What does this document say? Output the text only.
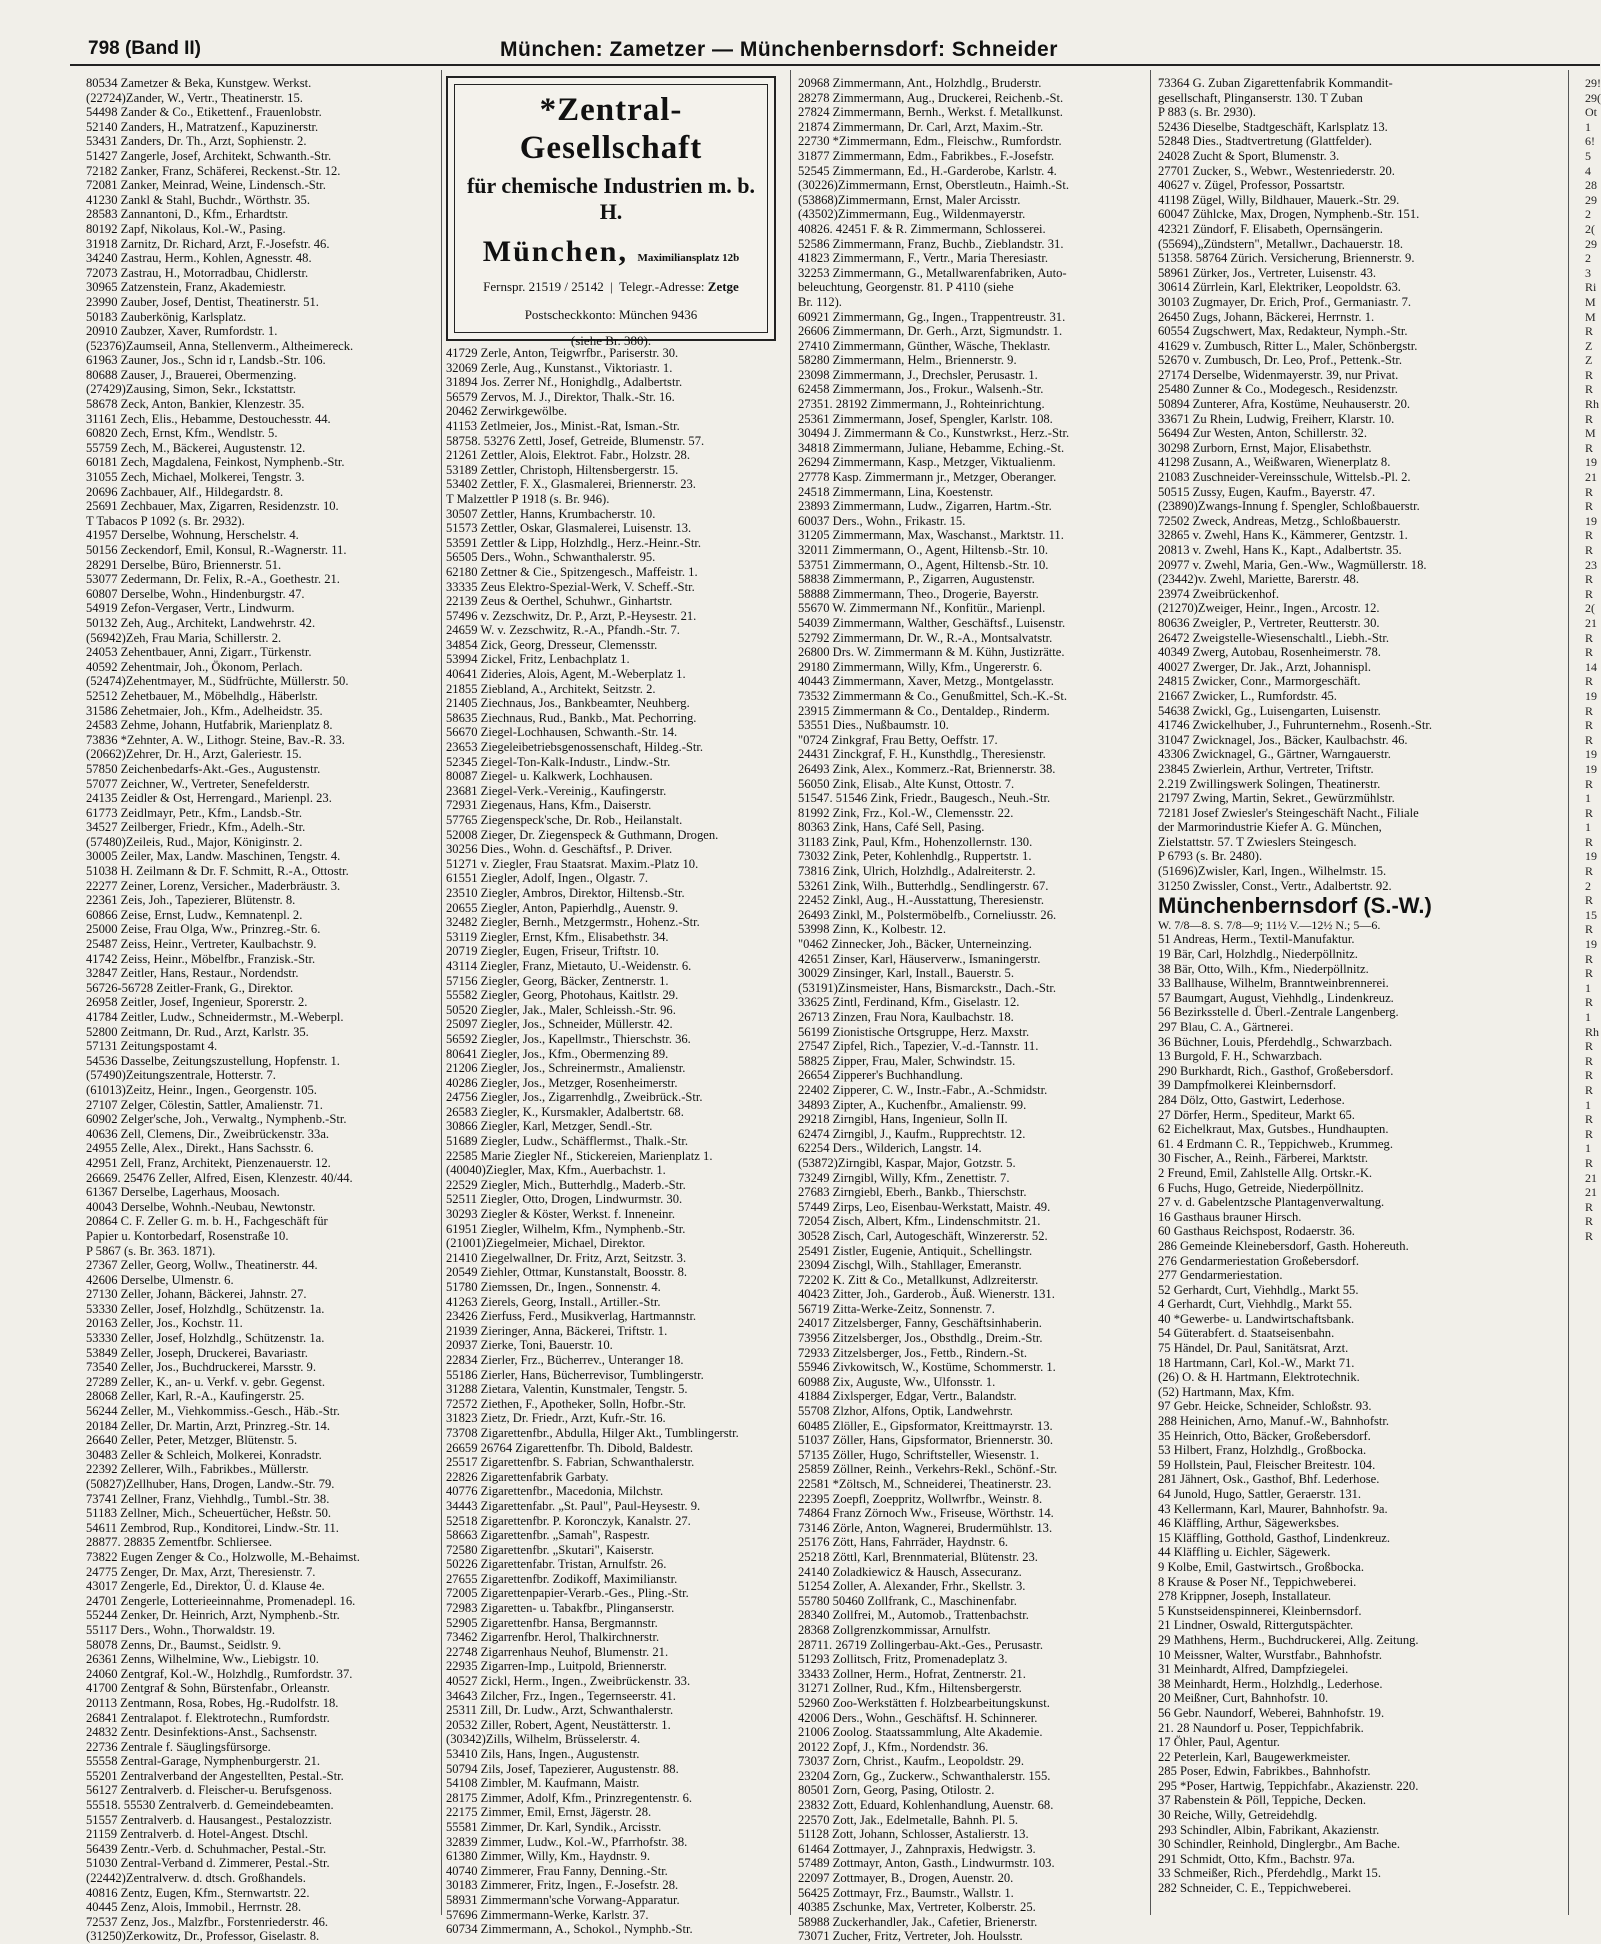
798 (Band II)	München: Zametzer — Münchenbernsdorf: Schneider
80534 Zametzer & Beka, Kunstgew. Werkst.
(22724)Zander, W., Vertr., Theatinerstr. 15.
54498 Zander & Co., Etikettenf., Frauenlobstr.
52140 Zanders, H., Matratzenf., Kapuzinerstr.
53431 Zanders, Dr. Th., Arzt, Sophienstr. 2.
51427 Zangerle, Josef, Architekt, Schwanth.-Str.
72182 Zanker, Franz, Schäferei, Reckenst.-Str. 12.
72081 Zanker, Meinrad, Weine, Lindensch.-Str.
41230 Zankl & Stahl, Buchdr., Wörthstr. 35.
28583 Zannantoni, D., Kfm., Erhardtstr.
80192 Zapf, Nikolaus, Kol.-W., Pasing.
31918 Zarnitz, Dr. Richard, Arzt, F.-Josefstr. 46.
34240 Zastrau, Herm., Kohlen, Agnesstr. 48.
72073 Zastrau, H., Motorradbau, Chidlerstr.
30965 Zatzenstein, Franz, Akademiestr.
23990 Zauber, Josef, Dentist, Theatinerstr. 51.
50183 Zauberkönig, Karlsplatz.
20910 Zaubzer, Xaver, Rumfordstr. 1.
(52376)Zaumseil, Anna, Stellenverm., Altheimereck.
61963 Zauner, Jos., Schn id r, Landsb.-Str. 106.
80688 Zauser, J., Brauerei, Obermenzing.
(27429)Zausing, Simon, Sekr., Ickstattstr.
58678 Zeck, Anton, Bankier, Klenzestr. 35.
31161 Zech, Elis., Hebamme, Destouchesstr. 44.
60820 Zech, Ernst, Kfm., Wendlstr. 5.
55759 Zech, M., Bäckerei, Augustenstr. 12.
60181 Zech, Magdalena, Feinkost, Nymphenb.-Str.
31055 Zech, Michael, Molkerei, Tengstr. 3.
20696 Zachbauer, Alf., Hildegardstr. 8.
25691 Zechbauer, Max, Zigarren, Residenzstr. 10.
T Tabacos P 1092 (s. Br. 2932).
41957 Derselbe, Wohnung, Herschelstr. 4.
50156 Zeckendorf, Emil, Konsul, R.-Wagnerstr. 11.
28291 Derselbe, Büro, Briennerstr. 51.
53077 Zedermann, Dr. Felix, R.-A., Goethestr. 21.
60807 Derselbe, Wohn., Hindenburgstr. 47.
54919 Zefon-Vergaser, Vertr., Lindwurm.
50132 Zeh, Aug., Architekt, Landwehrstr. 42.
(56942)Zeh, Frau Maria, Schillerstr. 2.
24053 Zehentbauer, Anni, Zigarr., Türkenstr.
40592 Zehentmair, Joh., Ökonom, Perlach.
(52474)Zehentmayer, M., Südfrüchte, Müllerstr. 50.
52512 Zehetbauer, M., Möbelhdlg., Häberlstr.
31586 Zehetmaier, Joh., Kfm., Adelheidstr. 35.
24583 Zehme, Johann, Hutfabrik, Marienplatz 8.
73836 *Zehnter, A. W., Lithogr. Steine, Bav.-R. 33.
(20662)Zehrer, Dr. H., Arzt, Galeriestr. 15.
57850 Zeichenbedarfs-Akt.-Ges., Augustenstr.
57077 Zeichner, W., Vertreter, Senefelderstr.
24135 Zeidler & Ost, Herrengard., Marienpl. 23.
61773 Zeidlmayr, Petr., Kfm., Landsb.-Str.
34527 Zeilberger, Friedr., Kfm., Adelh.-Str.
(57480)Zeileis, Rud., Major, Königinstr. 2.
30005 Zeiler, Max, Landw. Maschinen, Tengstr. 4.
51038 H. Zeilmann & Dr. F. Schmitt, R.-A., Ottostr.
22277 Zeiner, Lorenz, Versicher., Maderbräustr. 3.
22361 Zeis, Joh., Tapezierer, Blütenstr. 8.
60866 Zeise, Ernst, Ludw., Kemnatenpl. 2.
25000 Zeise, Frau Olga, Ww., Prinzreg.-Str. 6.
25487 Zeiss, Heinr., Vertreter, Kaulbachstr. 9.
41742 Zeiss, Heinr., Möbelfbr., Franzisk.-Str.
32847 Zeitler, Hans, Restaur., Nordendstr.
56726-56728 Zeitler-Frank, G., Direktor.
26958 Zeitler, Josef, Ingenieur, Sporerstr. 2.
41784 Zeitler, Ludw., Schneidermstr., M.-Weberpl.
52800 Zeitmann, Dr. Rud., Arzt, Karlstr. 35.
57131 Zeitungspostamt 4.
54536 Dasselbe, Zeitungszustellung, Hopfenstr. 1.
(57490)Zeitungszentrale, Hotterstr. 7.
(61013)Zeitz, Heinr., Ingen., Georgenstr. 105.
27107 Zelger, Cölestin, Sattler, Amalienstr. 71.
60902 Zelger'sche, Joh., Verwaltg., Nymphenb.-Str.
40636 Zell, Clemens, Dir., Zweibrückenstr. 33a.
24955 Zelle, Alex., Direkt., Hans Sachsstr. 6.
42951 Zell, Franz, Architekt, Pienzenauerstr. 12.
26669. 25476 Zeller, Alfred, Eisen, Klenzestr. 40/44.
61367 Derselbe, Lagerhaus, Moosach.
40043 Derselbe, Wohnh.-Neubau, Newtonstr.
20864 C. F. Zeller G. m. b. H., Fachgeschäft für
Papier u. Kontorbedarf, Rosenstraße 10.
P 5867 (s. Br. 363. 1871).
27367 Zeller, Georg, Wollw., Theatinerstr. 44.
42606 Derselbe, Ulmenstr. 6.
27130 Zeller, Johann, Bäckerei, Jahnstr. 27.
53330 Zeller, Josef, Holzhdlg., Schützenstr. 1a.
20163 Zeller, Jos., Kochstr. 11.
53330 Zeller, Josef, Holzhdlg., Schützenstr. 1a.
53849 Zeller, Joseph, Druckerei, Bavariastr.
73540 Zeller, Jos., Buchdruckerei, Marsstr. 9.
27289 Zeller, K., an- u. Verkf. v. gebr. Gegenst.
28068 Zeller, Karl, R.-A., Kaufingerstr. 25.
56244 Zeller, M., Viehkommiss.-Gesch., Häb.-Str.
20184 Zeller, Dr. Martin, Arzt, Prinzreg.-Str. 14.
26640 Zeller, Peter, Metzger, Blütenstr. 5.
30483 Zeller & Schleich, Molkerei, Konradstr.
22392 Zellerer, Wilh., Fabrikbes., Müllerstr.
(50827)Zellhuber, Hans, Drogen, Landw.-Str. 79.
73741 Zellner, Franz, Viehhdlg., Tumbl.-Str. 38.
51183 Zellner, Mich., Scheuertücher, Heßstr. 50.
54611 Zembrod, Rup., Konditorei, Lindw.-Str. 11.
28877. 28835 Zementfbr. Schliersee.
73822 Eugen Zenger & Co., Holzwolle, M.-Behaimst.
24775 Zenger, Dr. Max, Arzt, Theresienstr. 7.
43017 Zengerle, Ed., Direktor, Ü. d. Klause 4e.
24701 Zengerle, Lotterieeinnahme, Promenadepl. 16.
55244 Zenker, Dr. Heinrich, Arzt, Nymphenb.-Str.
55117 Ders., Wohn., Thorwaldstr. 19.
58078 Zenns, Dr., Baumst., Seidlstr. 9.
26361 Zenns, Wilhelmine, Ww., Liebigstr. 10.
24060 Zentgraf, Kol.-W., Holzhdlg., Rumfordstr. 37.
41700 Zentgraf & Sohn, Bürstenfabr., Orleanstr.
20113 Zentmann, Rosa, Robes, Hg.-Rudolfstr. 18.
26841 Zentralapot. f. Elektrotechn., Rumfordstr.
24832 Zentr. Desinfektions-Anst., Sachsenstr.
22736 Zentrale f. Säuglingsfürsorge.
55558 Zentral-Garage, Nymphenburgerstr. 21.
55201 Zentralverband der Angestellten, Pestal.-Str.
56127 Zentralverb. d. Fleischer-u. Berufsgenoss.
55518. 55530 Zentralverb. d. Gemeindebeamten.
51557 Zentralverb. d. Hausangest., Pestalozzistr.
21159 Zentralverb. d. Hotel-Angest. Dtschl.
56439 Zentr.-Verb. d. Schuhmacher, Pestal.-Str.
51030 Zentral-Verband d. Zimmerer, Pestal.-Str.
(22442)Zentralverw. d. dtsch. Großhandels.
40816 Zentz, Eugen, Kfm., Sternwartstr. 22.
40445 Zenz, Alois, Immobil., Herrnstr. 28.
72537 Zenz, Jos., Malzfbr., Forstenriederstr. 46.
(31250)Zerkowitz, Dr., Professor, Giselastr. 8.
*Zentral-Gesellschaft
für chemische Industrien m. b. H.
München, Maximiliansplatz 12b
Fernspr. 21519 / 25142  |  Telegr.-Adresse: Zetge
Postscheckkonto: München 9436
(siehe Br. 380).
41729 Zerle, Anton, Teigwrfbr., Pariserstr. 30.
32069 Zerle, Aug., Kunstanst., Viktoriastr. 1.
31894 Jos. Zerrer Nf., Honighdlg., Adalbertstr.
56579 Zervos, M. J., Direktor, Thalk.-Str. 16.
20462 Zerwirkgewölbe.
41153 Zetlmeier, Jos., Minist.-Rat, Isman.-Str.
58758. 53276 Zettl, Josef, Getreide, Blumenstr. 57.
21261 Zettler, Alois, Elektrot. Fabr., Holzstr. 28.
53189 Zettler, Christoph, Hiltensbergerstr. 15.
53402 Zettler, F. X., Glasmalerei, Briennerstr. 23.
T Malzettler P 1918 (s. Br. 946).
30507 Zettler, Hanns, Krumbacherstr. 10.
51573 Zettler, Oskar, Glasmalerei, Luisenstr. 13.
53591 Zettler & Lipp, Holzhdlg., Herz.-Heinr.-Str.
56505 Ders., Wohn., Schwanthalerstr. 95.
62180 Zettner & Cie., Spitzengesch., Maffeistr. 1.
33335 Zeus Elektro-Spezial-Werk, V. Scheff.-Str.
22139 Zeus & Oerthel, Schuhwr., Ginhartstr.
57496 v. Zezschwitz, Dr. P., Arzt, P.-Heysestr. 21.
24659 W. v. Zezschwitz, R.-A., Pfandh.-Str. 7.
34854 Zick, Georg, Dresseur, Clemensstr.
53994 Zickel, Fritz, Lenbachplatz 1.
40641 Zideries, Alois, Agent, M.-Weberplatz 1.
21855 Ziebland, A., Architekt, Seitzstr. 2.
21405 Ziechnaus, Jos., Bankbeamter, Neuhberg.
58635 Ziechnaus, Rud., Bankb., Mat. Pechorring.
56670 Ziegel-Lochhausen, Schwanth.-Str. 14.
23653 Ziegeleibetriebsgenossenschaft, Hildeg.-Str.
52345 Ziegel-Ton-Kalk-Industr., Lindw.-Str.
80087 Ziegel- u. Kalkwerk, Lochhausen.
23681 Ziegel-Verk.-Vereinig., Kaufingerstr.
72931 Ziegenaus, Hans, Kfm., Daiserstr.
57765 Ziegenspeck'sche, Dr. Rob., Heilanstalt.
52008 Zieger, Dr. Ziegenspeck & Guthmann, Drogen.
30256 Dies., Wohn. d. Geschäftsf., P. Driver.
51271 v. Ziegler, Frau Staatsrat. Maxim.-Platz 10.
61551 Ziegler, Adolf, Ingen., Olgastr. 7.
23510 Ziegler, Ambros, Direktor, Hiltensb.-Str.
20655 Ziegler, Anton, Papierhdlg., Auenstr. 9.
32482 Ziegler, Bernh., Metzgermstr., Hohenz.-Str.
53119 Ziegler, Ernst, Kfm., Elisabethstr. 34.
20719 Ziegler, Eugen, Friseur, Triftstr. 10.
43114 Ziegler, Franz, Mietauto, U.-Weidenstr. 6.
57156 Ziegler, Georg, Bäcker, Zentnerstr. 1.
55582 Ziegler, Georg, Photohaus, Kaitlstr. 29.
50520 Ziegler, Jak., Maler, Schleissh.-Str. 96.
25097 Ziegler, Jos., Schneider, Müllerstr. 42.
56592 Ziegler, Jos., Kapellmstr., Thierschstr. 36.
80641 Ziegler, Jos., Kfm., Obermenzing 89.
21206 Ziegler, Jos., Schreinermstr., Amalienstr.
40286 Ziegler, Jos., Metzger, Rosenheimerstr.
24756 Ziegler, Jos., Zigarrenhdlg., Zweibrück.-Str.
26583 Ziegler, K., Kursmakler, Adalbertstr. 68.
30866 Ziegler, Karl, Metzger, Sendl.-Str.
51689 Ziegler, Ludw., Schäfflermst., Thalk.-Str.
22585 Marie Ziegler Nf., Stickereien, Marienplatz 1.
(40040)Ziegler, Max, Kfm., Auerbachstr. 1.
22529 Ziegler, Mich., Butterhdlg., Maderb.-Str.
52511 Ziegler, Otto, Drogen, Lindwurmstr. 30.
30293 Ziegler & Köster, Werkst. f. Inneneinr.
61951 Ziegler, Wilhelm, Kfm., Nymphenb.-Str.
(21001)Ziegelmeier, Michael, Direktor.
21410 Ziegelwallner, Dr. Fritz, Arzt, Seitzstr. 3.
20549 Ziehler, Ottmar, Kunstanstalt, Boosstr. 8.
51780 Ziemssen, Dr., Ingen., Sonnenstr. 4.
41263 Zierels, Georg, Install., Artiller.-Str.
23426 Zierfuss, Ferd., Musikverlag, Hartmannstr.
21939 Zieringer, Anna, Bäckerei, Triftstr. 1.
20937 Zierke, Toni, Bauerstr. 10.
22834 Zierler, Frz., Bücherrev., Unteranger 18.
55186 Zierler, Hans, Bücherrevisor, Tumblingerstr.
31288 Zietara, Valentin, Kunstmaler, Tengstr. 5.
72572 Ziethen, F., Apotheker, Solln, Hofbr.-Str.
31823 Zietz, Dr. Friedr., Arzt, Kufr.-Str. 16.
73708 Zigarettenfbr., Abdulla, Hilger Akt., Tumblingerstr.
26659 26764 Zigarettenfbr. Th. Dibold, Baldestr.
25517 Zigarettenfbr. S. Fabrian, Schwanthalerstr.
22826 Zigarettenfabrik Garbaty.
40776 Zigarettenfbr., Macedonia, Milchstr.
34443 Zigarettenfabr. „St. Paul", Paul-Heysestr. 9.
52518 Zigarettenfbr. P. Koronczyk, Kanalstr. 27.
58663 Zigarettenfbr. „Samah", Raspestr.
72580 Zigarettenfbr. „Skutari", Kaiserstr.
50226 Zigarettenfabr. Tristan, Arnulfstr. 26.
27655 Zigarettenfbr. Zodikoff, Maximilianstr.
72005 Zigarettenpapier-Verarb.-Ges., Pling.-Str.
72983 Zigaretten- u. Tabakfbr., Plinganserstr.
52905 Zigarettenfbr. Hansa, Bergmannstr.
73462 Zigarrenfbr. Herol, Thalkirchnerstr.
22748 Zigarrenhaus Neuhof, Blumenstr. 21.
22935 Zigarren-Imp., Luitpold, Briennerstr.
40527 Zickl, Herm., Ingen., Zweibrückenstr. 33.
34643 Zilcher, Frz., Ingen., Tegernseerstr. 41.
25311 Zill, Dr. Ludw., Arzt, Schwanthalerstr.
20532 Ziller, Robert, Agent, Neustätterstr. 1.
(30342)Zills, Wilhelm, Brüsselerstr. 4.
53410 Zils, Hans, Ingen., Augustenstr.
50794 Zils, Josef, Tapezierer, Augustenstr. 88.
54108 Zimbler, M. Kaufmann, Maistr.
28175 Zimmer, Adolf, Kfm., Prinzregentenstr. 6.
22175 Zimmer, Emil, Ernst, Jägerstr. 28.
55581 Zimmer, Dr. Karl, Syndik., Arcisstr.
32839 Zimmer, Ludw., Kol.-W., Pfarrhofstr. 38.
61380 Zimmer, Willy, Km., Haydnstr. 9.
40740 Zimmerer, Frau Fanny, Denning.-Str.
30183 Zimmerer, Fritz, Ingen., F.-Josefstr. 28.
58931 Zimmermann'sche Vorwang-Apparatur.
57696 Zimmermann-Werke, Karlstr. 37.
60734 Zimmermann, A., Schokol., Nymphb.-Str.
20968 Zimmermann, Ant., Holzhdlg., Bruderstr.
28278 Zimmermann, Aug., Druckerei, Reichenb.-St.
27824 Zimmermann, Bernh., Werkst. f. Metallkunst.
21874 Zimmermann, Dr. Carl, Arzt, Maxim.-Str.
22730 *Zimmermann, Edm., Fleischw., Rumfordstr.
31877 Zimmermann, Edm., Fabrikbes., F.-Josefstr.
52545 Zimmermann, Ed., H.-Garderobe, Karlstr. 4.
(30226)Zimmermann, Ernst, Oberstleutn., Haimh.-St.
(53868)Zimmermann, Ernst, Maler Arcisstr.
(43502)Zimmermann, Eug., Wildenmayerstr.
40826. 42451 F. & R. Zimmermann, Schlosserei.
52586 Zimmermann, Franz, Buchb., Zieblandstr. 31.
41823 Zimmermann, F., Vertr., Maria Theresiastr.
32253 Zimmermann, G., Metallwarenfabriken, Auto-
beleuchtung, Georgenstr. 81. P 4110 (siehe
Br. 112).
60921 Zimmermann, Gg., Ingen., Trappentreustr. 31.
26606 Zimmermann, Dr. Gerh., Arzt, Sigmundstr. 1.
27410 Zimmermann, Günther, Wäsche, Theklastr.
58280 Zimmermann, Helm., Briennerstr. 9.
23098 Zimmermann, J., Drechsler, Perusastr. 1.
62458 Zimmermann, Jos., Frokur., Walsenh.-Str.
27351. 28192 Zimmermann, J., Rohteinrichtung.
25361 Zimmermann, Josef, Spengler, Karlstr. 108.
30494 J. Zimmermann & Co., Kunstwrkst., Herz.-Str.
34818 Zimmermann, Juliane, Hebamme, Eching.-St.
26294 Zimmermann, Kasp., Metzger, Viktualienm.
27778 Kasp. Zimmermann jr., Metzger, Oberanger.
24518 Zimmermann, Lina, Koestenstr.
23893 Zimmermann, Ludw., Zigarren, Hartm.-Str.
60037 Ders., Wohn., Frikastr. 15.
31205 Zimmermann, Max, Waschanst., Marktstr. 11.
32011 Zimmermann, O., Agent, Hiltensb.-Str. 10.
53751 Zimmermann, O., Agent, Hiltensb.-Str. 10.
58838 Zimmermann, P., Zigarren, Augustenstr.
58888 Zimmermann, Theo., Drogerie, Bayerstr.
55670 W. Zimmermann Nf., Konfitür., Marienpl.
54039 Zimmermann, Walther, Geschäftsf., Luisenstr.
52792 Zimmermann, Dr. W., R.-A., Montsalvatstr.
26800 Drs. W. Zimmermann & M. Kühn, Justizrätte.
29180 Zimmermann, Willy, Kfm., Ungererstr. 6.
40443 Zimmermann, Xaver, Metzg., Montgelasstr.
73532 Zimmermann & Co., Genußmittel, Sch.-K.-St.
23915 Zimmermann & Co., Dentaldep., Rinderm.
53551 Dies., Nußbaumstr. 10.
"0724 Zinkgraf, Frau Betty, Oeffstr. 17.
24431 Zinckgraf, F. H., Kunsthdlg., Theresienstr.
26493 Zink, Alex., Kommerz.-Rat, Briennerstr. 38.
56050 Zink, Elisab., Alte Kunst, Ottostr. 7.
51547. 51546 Zink, Friedr., Baugesch., Neuh.-Str.
81992 Zink, Frz., Kol.-W., Clemensstr. 22.
80363 Zink, Hans, Café Sell, Pasing.
31183 Zink, Paul, Kfm., Hohenzollernstr. 130.
73032 Zink, Peter, Kohlenhdlg., Ruppertstr. 1.
73816 Zink, Ulrich, Holzhdlg., Adalreiterstr. 2.
53261 Zink, Wilh., Butterhdlg., Sendlingerstr. 67.
22452 Zinkl, Aug., H.-Ausstattung, Theresienstr.
26493 Zinkl, M., Polstermöbelfb., Corneliusstr. 26.
53998 Zinn, K., Kolbestr. 12.
"0462 Zinnecker, Joh., Bäcker, Unterneinzing.
42651 Zinser, Karl, Häuserverw., Ismaningerstr.
30029 Zinsinger, Karl, Install., Bauerstr. 5.
(53191)Zinsmeister, Hans, Bismarckstr., Dach.-Str.
33625 Zintl, Ferdinand, Kfm., Giselastr. 12.
26713 Zinzen, Frau Nora, Kaulbachstr. 18.
56199 Zionistische Ortsgruppe, Herz. Maxstr.
27547 Zipfel, Rich., Tapezier, V.-d.-Tannstr. 11.
58825 Zipper, Frau, Maler, Schwindstr. 15.
26654 Zipperer's Buchhandlung.
22402 Zipperer, C. W., Instr.-Fabr., A.-Schmidstr.
34893 Zipter, A., Kuchenfbr., Amalienstr. 99.
29218 Zirngibl, Hans, Ingenieur, Solln II.
62474 Zirngibl, J., Kaufm., Rupprechtstr. 12.
62254 Ders., Wilderich, Langstr. 14.
(53872)Zirngibl, Kaspar, Major, Gotzstr. 5.
73249 Zirngibl, Willy, Kfm., Zenettistr. 7.
27683 Zirngiebl, Eberh., Bankb., Thierschstr.
57449 Zirps, Leo, Eisenbau-Werkstatt, Maistr. 49.
72054 Zisch, Albert, Kfm., Lindenschmitstr. 21.
30528 Zisch, Carl, Autogeschäft, Winzererstr. 52.
25491 Zistler, Eugenie, Antiquit., Schellingstr.
23094 Zischgl, Wilh., Stahllager, Emeranstr.
72202 K. Zitt & Co., Metallkunst, Adlzreiterstr.
40423 Zitter, Joh., Garderob., Äuß. Wienerstr. 131.
56719 Zitta-Werke-Zeitz, Sonnenstr. 7.
24017 Zitzelsberger, Fanny, Geschäftsinhaberin.
73956 Zitzelsberger, Jos., Obsthdlg., Dreim.-Str.
72933 Zitzelsberger, Jos., Fettb., Rindern.-St.
55946 Zivkowitsch, W., Kostüme, Schommerstr. 1.
60988 Zix, Auguste, Ww., Ulfonsstr. 1.
41884 Zixlsperger, Edgar, Vertr., Balandstr.
55708 Zlzhor, Alfons, Optik, Landwehrstr.
60485 Zlöller, E., Gipsformator, Kreittmayrstr. 13.
51037 Zöller, Hans, Gipsformator, Briennerstr. 30.
57135 Zöller, Hugo, Schriftsteller, Wiesenstr. 1.
25859 Zöllner, Reinh., Verkehrs-Rekl., Schönf.-Str.
22581 *Zöltsch, M., Schneiderei, Theatinerstr. 23.
22395 Zoepfl, Zoeppritz, Wollwrfbr., Weinstr. 8.
74864 Franz Zörnoch Ww., Friseuse, Wörthstr. 14.
73146 Zörle, Anton, Wagnerei, Brudermühlstr. 13.
25176 Zött, Hans, Fahrräder, Haydnstr. 6.
25218 Zöttl, Karl, Brennmaterial, Blütenstr. 23.
24140 Zoladkiewicz & Hausch, Assecuranz.
51254 Zoller, A. Alexander, Frhr., Skellstr. 3.
55780 50460 Zollfrank, C., Maschinenfabr.
28340 Zollfrei, M., Automob., Trattenbachstr.
28368 Zollgrenzkommissar, Arnulfstr.
28711. 26719 Zollingerbau-Akt.-Ges., Perusastr.
51293 Zollitsch, Fritz, Promenadeplatz 3.
33433 Zollner, Herm., Hofrat, Zentnerstr. 21.
31271 Zollner, Rud., Kfm., Hiltensbergerstr.
52960 Zoo-Werkstätten f. Holzbearbeitungskunst.
42006 Ders., Wohn., Geschäftsf. H. Schinnerer.
21006 Zoolog. Staatssammlung, Alte Akademie.
20122 Zopf, J., Kfm., Nordendstr. 36.
73037 Zorn, Christ., Kaufm., Leopoldstr. 29.
23204 Zorn, Gg., Zuckerw., Schwanthalerstr. 155.
80501 Zorn, Georg, Pasing, Otilostr. 2.
23832 Zott, Eduard, Kohlenhandlung, Auenstr. 68.
22570 Zott, Jak., Edelmetalle, Bahnh. Pl. 5.
51128 Zott, Johann, Schlosser, Astalierstr. 13.
61464 Zottmayer, J., Zahnpraxis, Hedwigstr. 3.
57489 Zottmayr, Anton, Gasth., Lindwurmstr. 103.
22097 Zottmayer, B., Drogen, Auenstr. 20.
56425 Zottmayr, Frz., Baumstr., Wallstr. 1.
40385 Zschunke, Max, Vertreter, Kolberstr. 25.
58988 Zuckerhandler, Jak., Cafetier, Brienerstr.
73071 Zucher, Fritz, Vertreter, Joh. Houlsstr.
73364 G. Zuban Zigarettenfabrik Kommandit-
gesellschaft, Plinganserstr. 130. T Zuban
P 883 (s. Br. 2930).
52436 Dieselbe, Stadtgeschäft, Karlsplatz 13.
52848 Dies., Stadtvertretung (Glattfelder).
24028 Zucht & Sport, Blumenstr. 3.
27701 Zucker, S., Webwr., Westenriederstr. 20.
40627 v. Zügel, Professor, Possartstr.
41198 Zügel, Willy, Bildhauer, Mauerk.-Str. 29.
60047 Zühlcke, Max, Drogen, Nymphenb.-Str. 151.
42321 Zündorf, F. Elisabeth, Opernsängerin.
(55694)„Zündstern", Metallwr., Dachauerstr. 18.
51358. 58764 Zürich. Versicherung, Briennerstr. 9.
58961 Zürker, Jos., Vertreter, Luisenstr. 43.
30614 Zürrlein, Karl, Elektriker, Leopoldstr. 63.
30103 Zugmayer, Dr. Erich, Prof., Germaniastr. 7.
26450 Zugs, Johann, Bäckerei, Herrnstr. 1.
60554 Zugschwert, Max, Redakteur, Nymph.-Str.
41629 v. Zumbusch, Ritter L., Maler, Schönbergstr.
52670 v. Zumbusch, Dr. Leo, Prof., Pettenk.-Str.
27174 Derselbe, Widenmayerstr. 39, nur Privat.
25480 Zunner & Co., Modegesch., Residenzstr.
50894 Zunterer, Afra, Kostüme, Neuhauserstr. 20.
33671 Zu Rhein, Ludwig, Freiherr, Klarstr. 10.
56494 Zur Westen, Anton, Schillerstr. 32.
30298 Zurborn, Ernst, Major, Elisabethstr.
41298 Zusann, A., Weißwaren, Wienerplatz 8.
21083 Zuschneider-Vereinsschule, Wittelsb.-Pl. 2.
50515 Zussy, Eugen, Kaufm., Bayerstr. 47.
(23890)Zwangs-Innung f. Spengler, Schloßbauerstr.
72502 Zweck, Andreas, Metzg., Schloßbauerstr.
32865 v. Zwehl, Hans K., Kämmerer, Gentzstr. 1.
20813 v. Zwehl, Hans K., Kapt., Adalbertstr. 35.
20977 v. Zwehl, Maria, Gen.-Ww., Wagmüllerstr. 18.
(23442)v. Zwehl, Mariette, Barerstr. 48.
23974 Zweibrückenhof.
(21270)Zweiger, Heinr., Ingen., Arcostr. 12.
80636 Zweigler, P., Vertreter, Reutterstr. 30.
26472 Zweigstelle-Wiesenschaltl., Liebh.-Str.
40349 Zwerg, Autobau, Rosenheimerstr. 78.
40027 Zwerger, Dr. Jak., Arzt, Johannispl.
24815 Zwicker, Conr., Marmorgeschäft.
21667 Zwicker, L., Rumfordstr. 45.
54638 Zwickl, Gg., Luisengarten, Luisenstr.
41746 Zwickelhuber, J., Fuhrunternehm., Rosenh.-Str.
31047 Zwicknagel, Jos., Bäcker, Kaulbachstr. 46.
43306 Zwicknagel, G., Gärtner, Warngauerstr.
23845 Zwierlein, Arthur, Vertreter, Triftstr.
2.219 Zwillingswerk Solingen, Theatinerstr.
21797 Zwing, Martin, Sekret., Gewürzmühlstr.
72181 Josef Zwiesler's Steingeschäft Nacht., Filiale
der Marmorindustrie Kiefer A. G. München,
Zielstattstr. 57. T Zwieslers Steingesch.
P 6793 (s. Br. 2480).
(51696)Zwisler, Karl, Ingen., Wilhelmstr. 15.
31250 Zwissler, Const., Vertr., Adalbertstr. 92.
Münchenbernsdorf (S.-W.)
W. 7/8—8. S. 7/8—9; 11½ V.—12½ N.; 5—6.
51 Andreas, Herm., Textil-Manufaktur.
19 Bär, Carl, Holzhdlg., Niederpöllnitz.
38 Bär, Otto, Wilh., Kfm., Niederpöllnitz.
33 Ballhause, Wilhelm, Branntweinbrennerei.
57 Baumgart, August, Viehhdlg., Lindenkreuz.
56 Bezirksstelle d. Überl.-Zentrale Langenberg.
297 Blau, C. A., Gärtnerei.
36 Büchner, Louis, Pferdehdlg., Schwarzbach.
13 Burgold, F. H., Schwarzbach.
290 Burkhardt, Rich., Gasthof, Großebersdorf.
39 Dampfmolkerei Kleinbernsdorf.
284 Dölz, Otto, Gastwirt, Lederhose.
27 Dörfer, Herm., Spediteur, Markt 65.
62 Eichelkraut, Max, Gutsbes., Hundhaupten.
61. 4 Erdmann C. R., Teppichweb., Krummeg.
30 Fischer, A., Reinh., Färberei, Marktstr.
2 Freund, Emil, Zahlstelle Allg. Ortskr.-K.
6 Fuchs, Hugo, Getreide, Niederpöllnitz.
27 v. d. Gabelentzsche Plantagenverwaltung.
16 Gasthaus brauner Hirsch.
60 Gasthaus Reichspost, Rodaerstr. 36.
286 Gemeinde Kleinebersdorf, Gasth. Hohereuth.
276 Gendarmeriestation Großebersdorf.
277 Gendarmeriestation.
52 Gerhardt, Curt, Viehhdlg., Markt 55.
4 Gerhardt, Curt, Viehhdlg., Markt 55.
40 *Gewerbe- u. Landwirtschaftsbank.
54 Güterabfert. d. Staatseisenbahn.
75 Händel, Dr. Paul, Sanitätsrat, Arzt.
18 Hartmann, Carl, Kol.-W., Markt 71.
(26) O. & H. Hartmann, Elektrotechnik.
(52) Hartmann, Max, Kfm.
97 Gebr. Heicke, Schneider, Schloßstr. 93.
288 Heinichen, Arno, Manuf.-W., Bahnhofstr.
35 Heinrich, Otto, Bäcker, Großebersdorf.
53 Hilbert, Franz, Holzhdlg., Großbocka.
59 Hollstein, Paul, Fleischer Breitestr. 104.
281 Jähnert, Osk., Gasthof, Bhf. Lederhose.
64 Junold, Hugo, Sattler, Geraerstr. 131.
43 Kellermann, Karl, Maurer, Bahnhofstr. 9a.
46 Kläffling, Arthur, Sägewerksbes.
15 Kläffling, Gotthold, Gasthof, Lindenkreuz.
44 Kläffling u. Eichler, Sägewerk.
9 Kolbe, Emil, Gastwirtsch., Großbocka.
8 Krause & Poser Nf., Teppichweberei.
278 Krippner, Joseph, Installateur.
5 Kunstseidenspinnerei, Kleinbernsdorf.
21 Lindner, Oswald, Rittergutspächter.
29 Mathhens, Herm., Buchdruckerei, Allg. Zeitung.
10 Meissner, Walter, Wurstfabr., Bahnhofstr.
31 Meinhardt, Alfred, Dampfziegelei.
38 Meinhardt, Herm., Holzhdlg., Lederhose.
20 Meißner, Curt, Bahnhofstr. 10.
56 Gebr. Naundorf, Weberei, Bahnhofstr. 19.
21. 28 Naundorf u. Poser, Teppichfabrik.
17 Öhler, Paul, Agentur.
22 Peterlein, Karl, Baugewerkmeister.
285 Poser, Edwin, Fabrikbes., Bahnhofstr.
295 *Poser, Hartwig, Teppichfabr., Akazienstr. 220.
37 Rabenstein & Pöll, Teppiche, Decken.
30 Reiche, Willy, Getreidehdlg.
293 Schindler, Albin, Fabrikant, Akazienstr.
30 Schindler, Reinhold, Dinglergbr., Am Bache.
291 Schmidt, Otto, Kfm., Bachstr. 97a.
33 Schmeißer, Rich., Pferdehdlg., Markt 15.
282 Schneider, C. E., Teppichweberei.
29!
29(
Ot
1
6!
5
4
28
29
2
2(
29
2
3
Ri
M
M
R
Z
Z
R
R
Rh
R
M
R
19
21
R
R
19
R
R
23
R
R
2(
21
R
R
14
R
19
R
R
R
19
19
R
1
R
1
R
19
R
2
R
15
R
19
R
R
1
R
1
Rh
R
R
R
R
1
R
R
1
R
21
21
R
R
R
